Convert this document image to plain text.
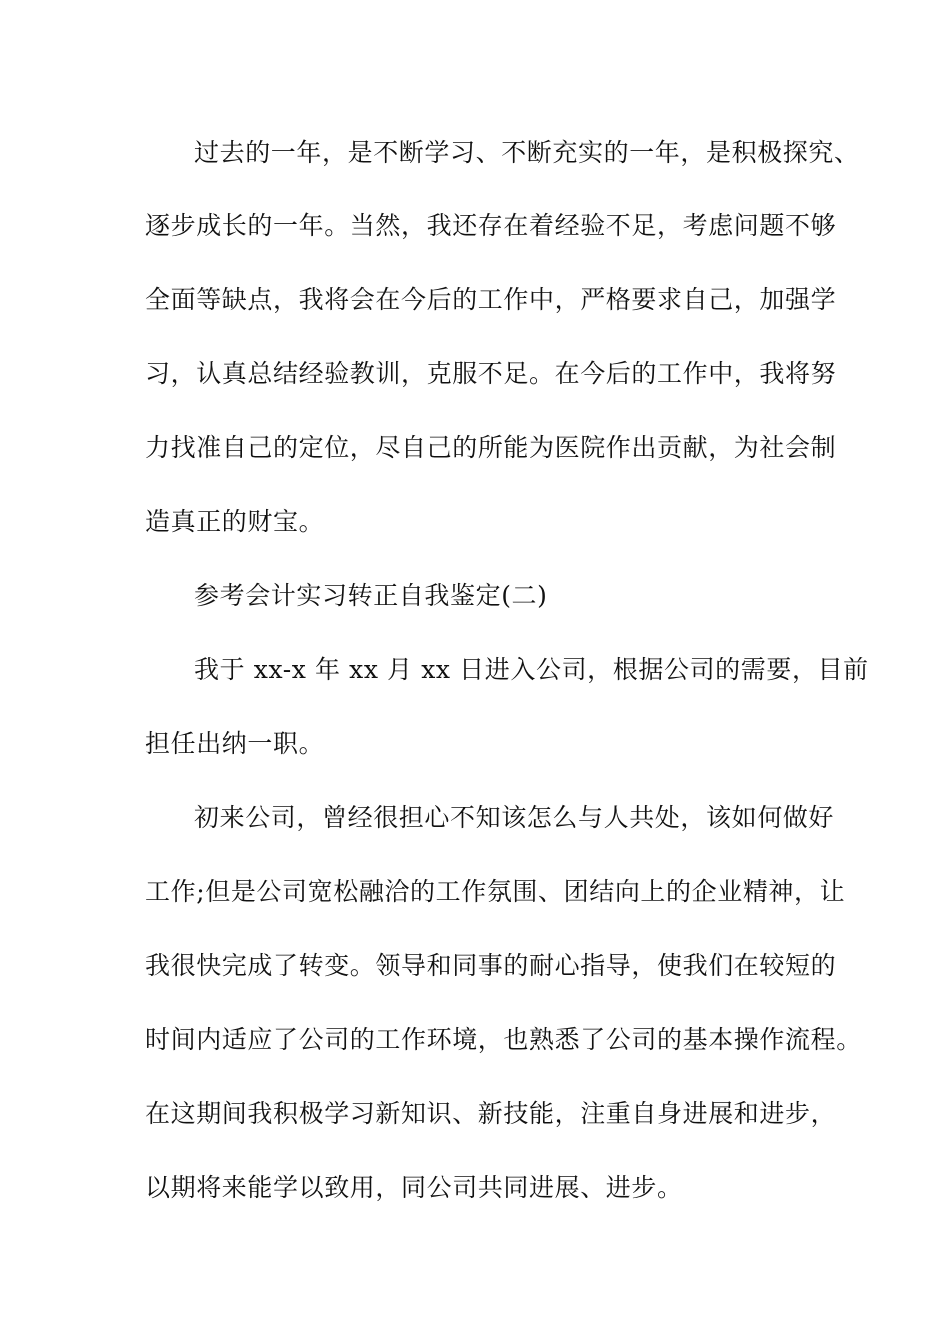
过去的一年，是不断学习、不断充实的一年，是积极探究、
逐步成长的一年。当然，我还存在着经验不足，考虑问题不够
全面等缺点，我将会在今后的工作中，严格要求自己，加强学
习，认真总结经验教训，克服不足。在今后的工作中，我将努
力找准自己的定位，尽自己的所能为医院作出贡献，为社会制
造真正的财宝。
参考会计实习转正自我鉴定(二)
我于 xx-x 年 xx 月 xx 日进入公司，根据公司的需要，目前
担任出纳一职。
初来公司，曾经很担心不知该怎么与人共处，该如何做好
工作;但是公司宽松融洽的工作氛围、团结向上的企业精神，让
我很快完成了转变。领导和同事的耐心指导，使我们在较短的
时间内适应了公司的工作环境，也熟悉了公司的基本操作流程。
在这期间我积极学习新知识、新技能，注重自身进展和进步，
以期将来能学以致用，同公司共同进展、进步。
